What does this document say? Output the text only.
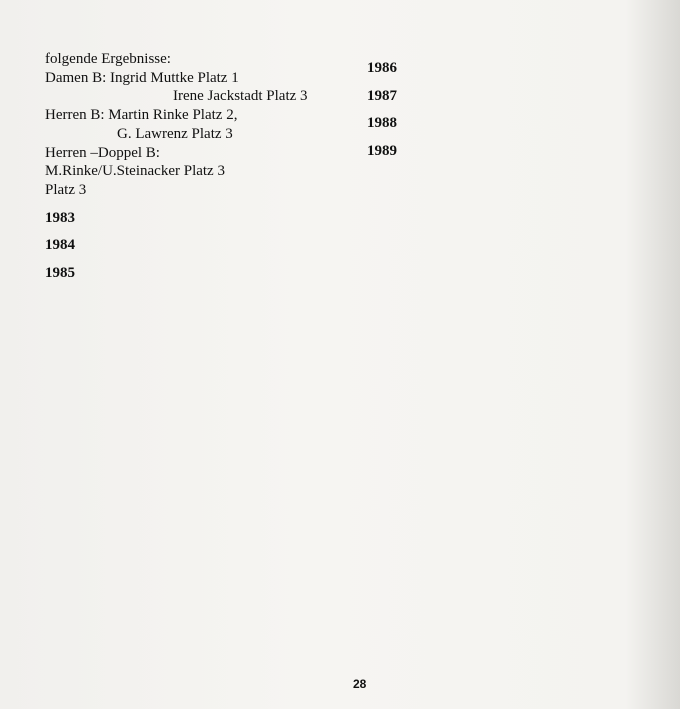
folgende Ergebnisse:
Damen B: Ingrid Muttke Platz 1
Irene Jackstadt Platz 3
Herren B: Martin Rinke Platz 2,
G. Lawrenz Platz 3
Herren –Doppel B:
M.Rinke/U.Steinacker Platz 3
Platz 3
1983
1984
1985
1986
1987
1988
1989
28
